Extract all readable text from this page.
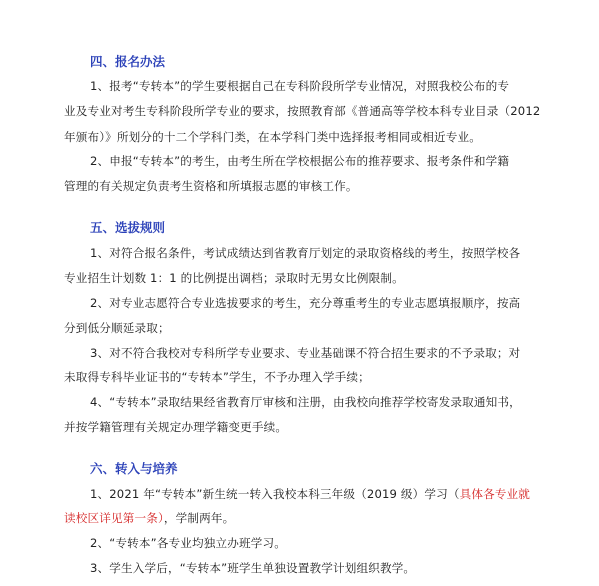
四、报名办法
1、报考“专转本”的学生要根据自己在专科阶段所学专业情况，对照我校公布的专
业及专业对考生专科阶段所学专业的要求，按照教育部《普通高等学校本科专业目录（2012
年颁布）》所划分的十二个学科门类，在本学科门类中选择报考相同或相近专业。
2、申报“专转本”的考生，由考生所在学校根据公布的推荐要求、报考条件和学籍
管理的有关规定负责考生资格和所填报志愿的审核工作。
五、选拔规则
1、对符合报名条件，考试成绩达到省教育厅划定的录取资格线的考生，按照学校各
专业招生计划数 1：1 的比例提出调档；录取时无男女比例限制。
2、对专业志愿符合专业选拔要求的考生，充分尊重考生的专业志愿填报顺序，按高
分到低分顺延录取；
3、对不符合我校对专科所学专业要求、专业基础课不符合招生要求的不予录取；对
未取得专科毕业证书的“专转本”学生，不予办理入学手续；
4、“专转本”录取结果经省教育厅审核和注册，由我校向推荐学校寄发录取通知书，
并按学籍管理有关规定办理学籍变更手续。
六、转入与培养
1、2021 年“专转本”新生统一转入我校本科三年级（2019 级）学习（具体各专业就
读校区详见第一条），学制两年。
2、“专转本”各专业均独立办班学习。
3、学生入学后，“专转本”班学生单独设置教学计划组织教学。
